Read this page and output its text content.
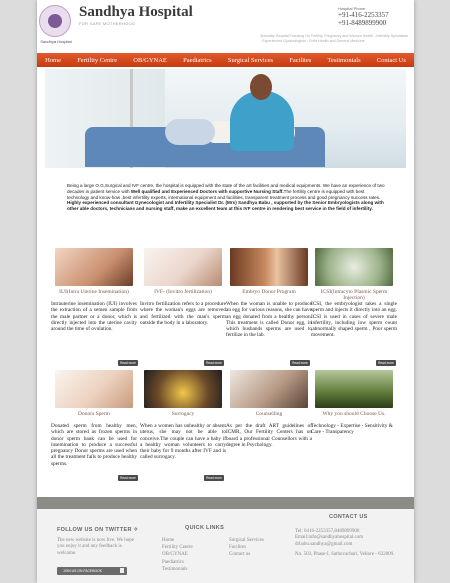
Sandhya Hospital
Sandhya Hospital
FOR SAFE MOTHERHOOD
Hospital Phone
+91-416-2253357
+91-8489899900
Specialty Hospital Focusing On Fertility, Pregnancy and Women Health - Infertility Specialists - Experienced Gynecologists - Child Health and General Medicine
Home Fertility Centre OB/GYNAE Paediatrics Surgical Services Facilites Testimonials Contact Us
Being a large O.G,Surgical and IVF centre, the hospital is equipped with the state of the art facilities and medical equipments. We have an experience of two decades in patient service with Well qualified and Experienced Doctors with supportive Nursing Staff.The fertility centre is equipped with best technology and know-how ,best infertility experts, international equipment and facilities, transparent treatment process and good pregnancy success rates. Highly experienced consultant Gynecologist and Infertility Specialist Dr. (Mrs) Sandhya Babu , supported by the Senior Embryologists along with other able doctors, technicians and nursing staff, make an excellent team at this IVF centre in rendering best service in the field of infertility.
IUI(Intra Uterine Insemination)
Intrauterine insemination (IUI) involves the extraction of a semen sample from the male partner or a donor, which is directly injected into the uterine cavity around the time of ovulation.
IVF- (Invitro fertilization)
Invitro fertilization refers to a procedure where the woman's eggs are removed and fertilized with the man's sperm outside the body in a laboratory.
Embryo Donor Program
When the woman is unable to produce an egg for various reasons, she can have an egg donated from a healthy person. This treatment is called Donor egg, in which husbands sperms are used to fertilize in the lab.
ICSI(Intracyto Plasmic Sperm Injection)
ICSI, the embryologist takes a single sperm and injects it directly into an egg. ICSI is used in cases of severe male infertility, including low sperm count ,abnormally shaped sperm , Poor sperm movement.
Read more	Read more	Read more	Read more
Donors Sperm
Donated sperm from healthy men, which are stored as frozen sperms in donor sperm bank can be used for insemination to produce a successful pregnancy Donor sperms are used when all the treatment fails to produce healthy sperms.
Surrogacy
When a women has unhealthy or absent uterus, she may not be able to conceive.The couple can have a baby if a healthy woman volunteers to carry their baby for 9 months after IVF and is called surrogacy.
Counselling
As per the draft ART guidelines of ICMR, Our Fertility Centers has on board a professional Counsellors with a degree in Psychology.
Why you should Choose Us.
Technology - Expertise - Sensitivity & Care - Transparency
Read more	Read more
FOLLOW US ON TWITTER ✈
The new website is now live. We hope you enjoy it and any feedback is welcome.
JOIN US ON FACEBOOK
QUICK LINKS
Home
Fertility Centre
OB/GYNAE
Paediatrics
Testimonials
Surgical Services
Facilites
Contact us
CONTACT US
Tel: 0416-2253357,8489899900
Email:info@sandhyahospital.com
drbabu.sandhya@gmail.com
No. 503, Phase-I, Sathuvachari, Vellore - 632009.
